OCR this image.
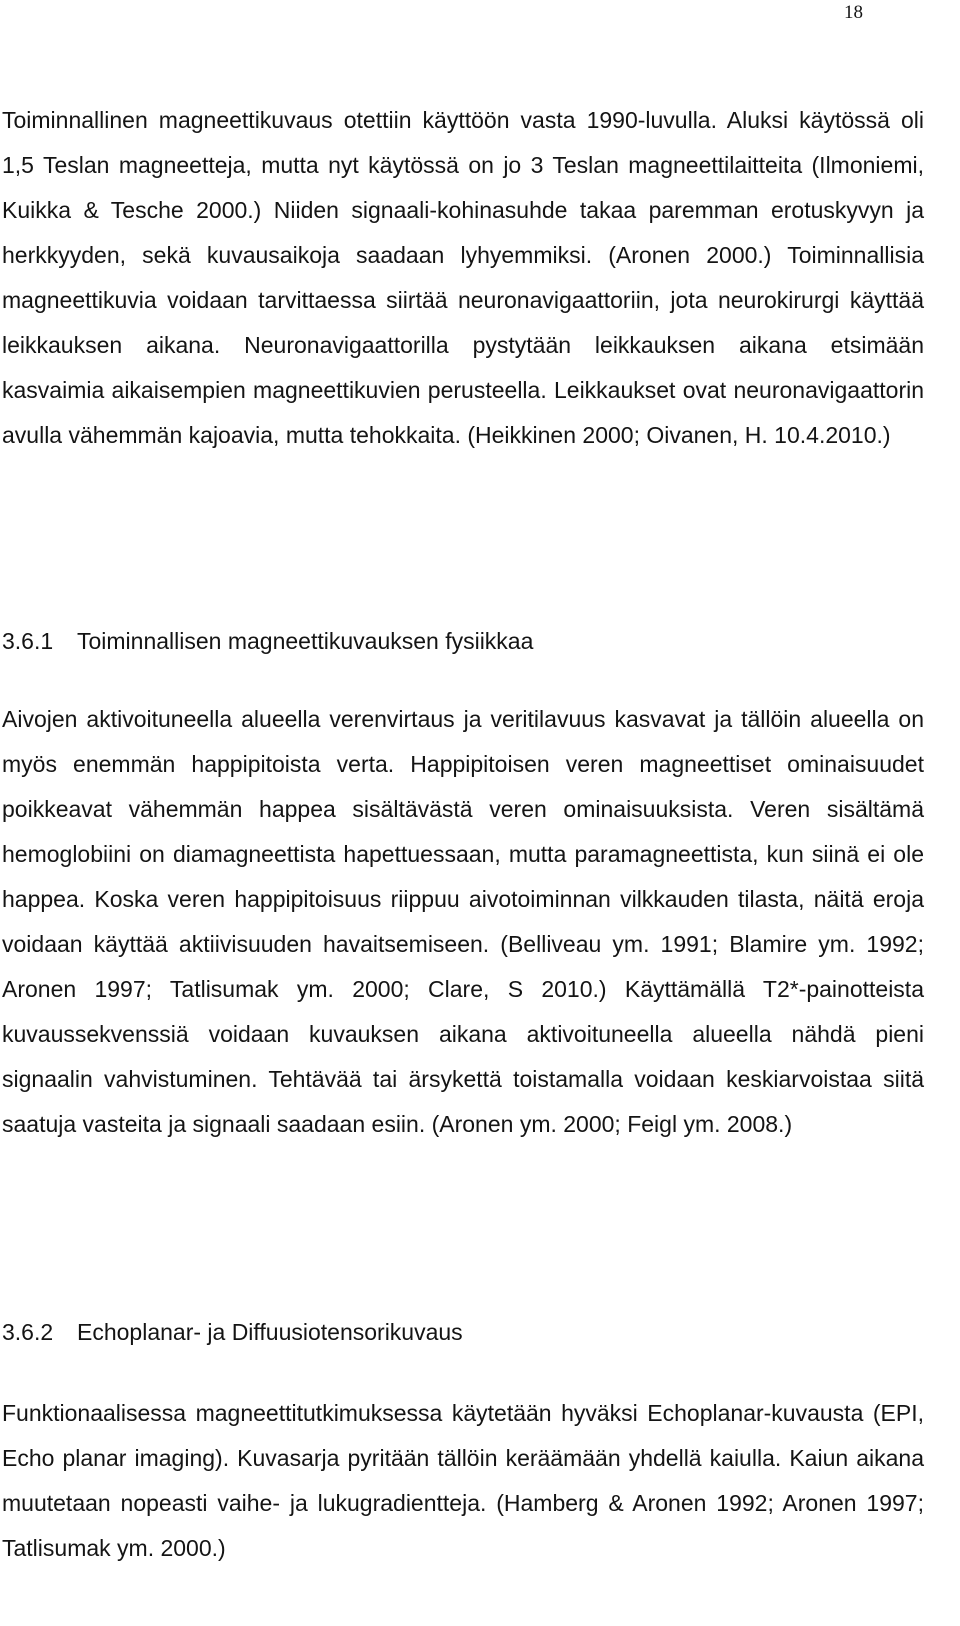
18

Toiminnallinen magneettikuvaus otettiin käyttöön vasta 1990-luvulla. Aluksi käytössä oli 1,5 Teslan magneetteja, mutta nyt käytössä on jo 3 Teslan magneettilaitteita (Ilmoniemi, Kuikka & Tesche 2000.) Niiden signaali-kohinasuhde takaa paremman erotuskyvyn ja herkkyyden, sekä kuvausaikoja saadaan lyhyemmiksi. (Aronen 2000.) Toiminnallisia magneettikuvia voidaan tarvittaessa siirtää neuronavigaattoriin, jota neurokirurgi käyttää leikkauksen aikana. Neuronavigaattorilla pystytään leikkauksen aikana etsimään kasvaimia aikaisempien magneettikuvien perusteella. Leikkaukset ovat neuronavigaattorin avulla vähemmän kajoavia, mutta tehokkaita. (Heikkinen 2000; Oivanen, H. 10.4.2010.)

3.6.1 Toiminnallisen magneettikuvauksen fysiikkaa

Aivojen aktivoituneella alueella verenvirtaus ja veritilavuus kasvavat ja tällöin alueella on myös enemmän happipitoista verta. Happipitoisen veren magneettiset ominaisuudet poikkeavat vähemmän happea sisältävästä veren ominaisuuksista. Veren sisältämä hemoglobiini on diamagneettista hapettuessaan, mutta paramagneettista, kun siinä ei ole happea. Koska veren happipitoisuus riippuu aivotoiminnan vilkkauden tilasta, näitä eroja voidaan käyttää aktiivisuuden havaitsemiseen. (Belliveau ym. 1991; Blamire ym. 1992; Aronen 1997; Tatlisumak ym. 2000; Clare, S 2010.) Käyttämällä T2*-painotteista kuvaussekvenssiä voidaan kuvauksen aikana aktivoituneella alueella nähdä pieni signaalin vahvistuminen. Tehtävää tai ärsykettä toistamalla voidaan keskiarvoistaa siitä saatuja vasteita ja signaali saadaan esiin. (Aronen ym. 2000; Feigl ym. 2008.)

3.6.2 Echoplanar- ja Diffuusiotensorikuvaus

Funktionaalisessa magneettitutkimuksessa käytetään hyväksi Echoplanar-kuvausta (EPI, Echo planar imaging). Kuvasarja pyritään tällöin keräämään yhdellä kaiulla. Kaiun aikana muutetaan nopeasti vaihe- ja lukugradientteja. (Hamberg & Aronen 1992; Aronen 1997; Tatlisumak ym. 2000.)
